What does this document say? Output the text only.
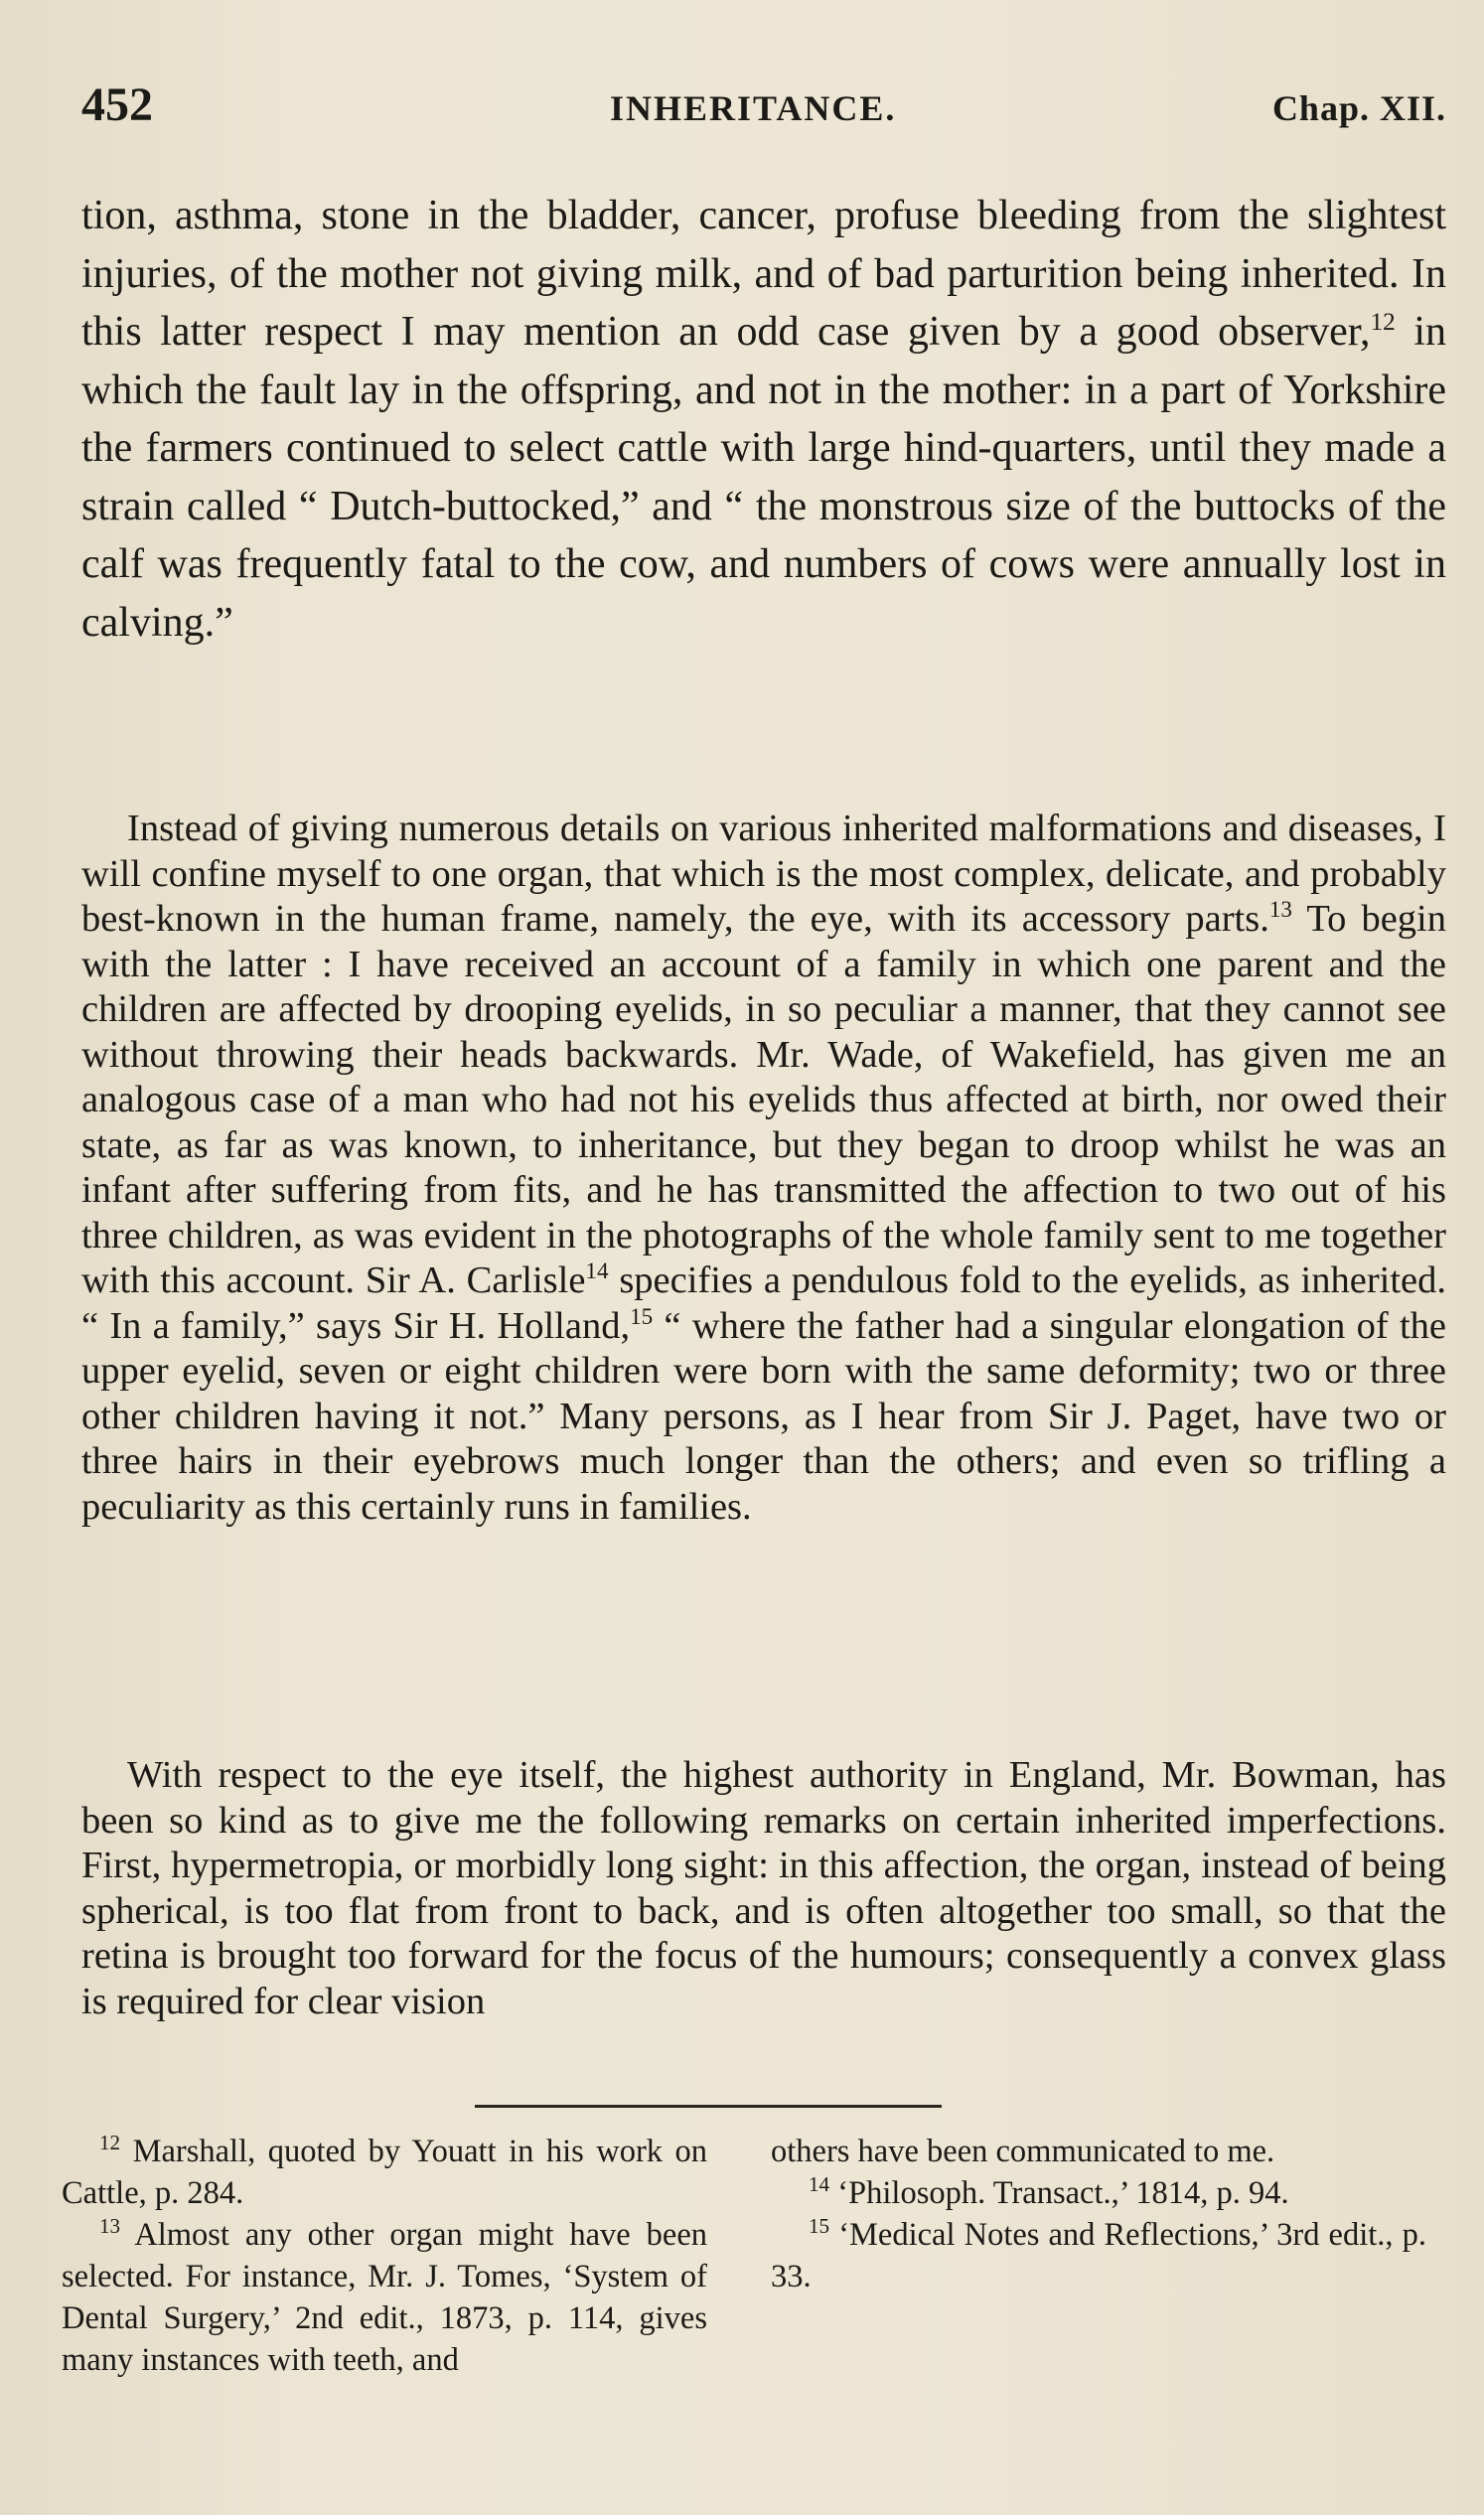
452	INHERITANCE.	Chap. XII.

tion, asthma, stone in the bladder, cancer, profuse bleeding from the slightest injuries, of the mother not giving milk, and of bad parturition being inherited. In this latter respect I may mention an odd case given by a good observer,$^{12}$ in which the fault lay in the offspring, and not in the mother: in a part of Yorkshire the farmers continued to select cattle with large hind-quarters, until they made a strain called “ Dutch-buttocked,” and “ the monstrous size of the buttocks of the calf was frequently fatal to the cow, and numbers of cows were annually lost in calving.”

Instead of giving numerous details on various inherited malformations and diseases, I will confine myself to one organ, that which is the most complex, delicate, and probably best-known in the human frame, namely, the eye, with its accessory parts.$^{13}$ To begin with the latter : I have received an account of a family in which one parent and the children are affected by drooping eyelids, in so peculiar a manner, that they cannot see without throwing their heads backwards. Mr. Wade, of Wakefield, has given me an analogous case of a man who had not his eyelids thus affected at birth, nor owed their state, as far as was known, to inheritance, but they began to droop whilst he was an infant after suffering from fits, and he has transmitted the affection to two out of his three children, as was evident in the photographs of the whole family sent to me together with this account. Sir A. Carlisle$^{14}$ specifies a pendulous fold to the eyelids, as inherited. “ In a family,” says Sir H. Holland,$^{15}$ “ where the father had a singular elongation of the upper eyelid, seven or eight children were born with the same deformity; two or three other children having it not.” Many persons, as I hear from Sir J. Paget, have two or three hairs in their eyebrows much longer than the others; and even so trifling a peculiarity as this certainly runs in families.

With respect to the eye itself, the highest authority in England, Mr. Bowman, has been so kind as to give me the following remarks on certain inherited imperfections. First, hypermetropia, or morbidly long sight: in this affection, the organ, instead of being spherical, is too flat from front to back, and is often altogether too small, so that the retina is brought too forward for the focus of the humours; consequently a convex glass is required for clear vision

$^{12}$ Marshall, quoted by Youatt in his work on Cattle, p. 284.

$^{13}$ Almost any other organ might have been selected. For instance, Mr. J. Tomes, ‘System of Dental Surgery,’ 2nd edit., 1873, p. 114, gives many instances with teeth, and

others have been communicated to me.

$^{14}$ ‘Philosoph. Transact.,’ 1814, p. 94.

$^{15}$ ‘Medical Notes and Reflections,’ 3rd edit., p. 33.
